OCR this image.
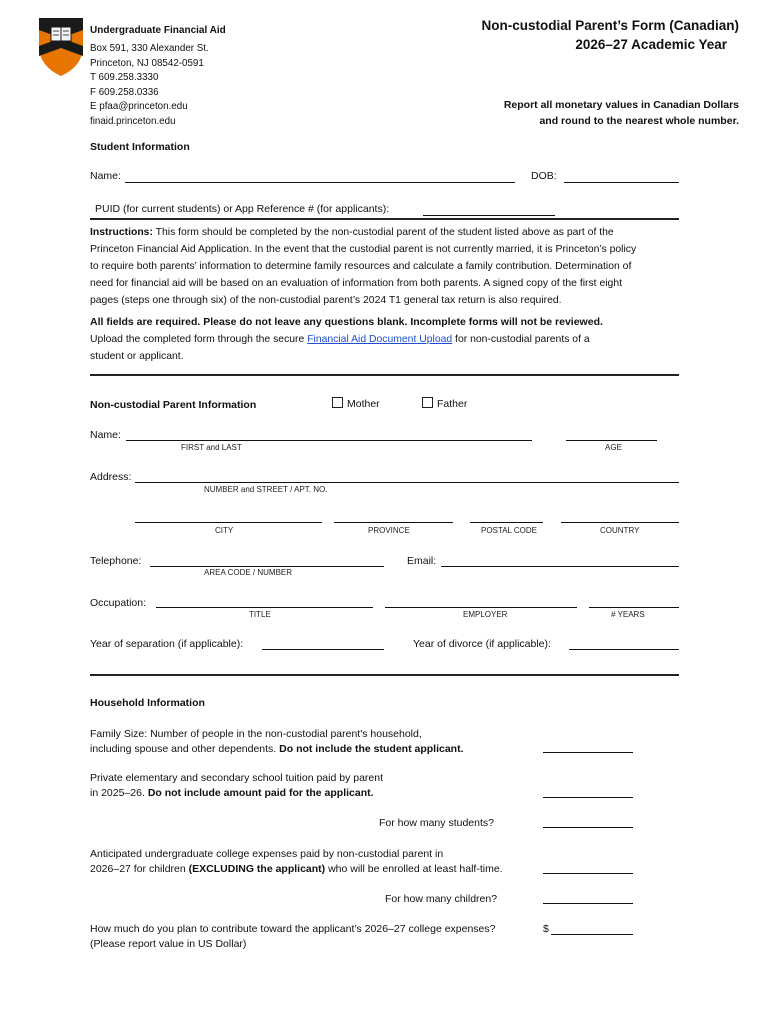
Undergraduate Financial Aid
Box 591, 330 Alexander St.
Princeton, NJ 08542-0591
T 609.258.3330
F 609.258.0336
E pfaa@princeton.edu
finaid.princeton.edu
Non-custodial Parent’s Form (Canadian)
2026–27 Academic Year
Report all monetary values in Canadian Dollars
and round to the nearest whole number.
Student Information
Name:	DOB:
PUID (for current students) or App Reference # (for applicants):
Instructions: This form should be completed by the non-custodial parent of the student listed above as part of the
Princeton Financial Aid Application. In the event that the custodial parent is not currently married, it is Princeton’s policy
to require both parents’ information to determine family resources and calculate a family contribution. Determination of
need for financial aid will be based on an evaluation of information from both parents. A signed copy of the first eight
pages (steps one through six) of the non-custodial parent’s 2024 T1 general tax return is also required.
All fields are required. Please do not leave any questions blank. Incomplete forms will not be reviewed.
Upload the completed form through the secure Financial Aid Document Upload for non-custodial parents of a
student or applicant.
Non-custodial Parent Information	Mother	Father
Name:
FIRST and LAST	AGE
Address:
NUMBER and STREET / APT. NO.
CITY	PROVINCE	POSTAL CODE	COUNTRY
Telephone:
AREA CODE / NUMBER
Email:
Occupation:
TITLE	EMPLOYER	# YEARS
Year of separation (if applicable):	Year of divorce (if applicable):
Household Information
Family Size: Number of people in the non-custodial parent's household,
including spouse and other dependents. Do not include the student applicant.
Private elementary and secondary school tuition paid by parent
in 2025–26. Do not include amount paid for the applicant.
For how many students?
Anticipated undergraduate college expenses paid by non-custodial parent in
2026–27 for children (EXCLUDING the applicant) who will be enrolled at least half-time.
For how many children?
How much do you plan to contribute toward the applicant’s 2026–27 college expenses?
(Please report value in US Dollar)
$
